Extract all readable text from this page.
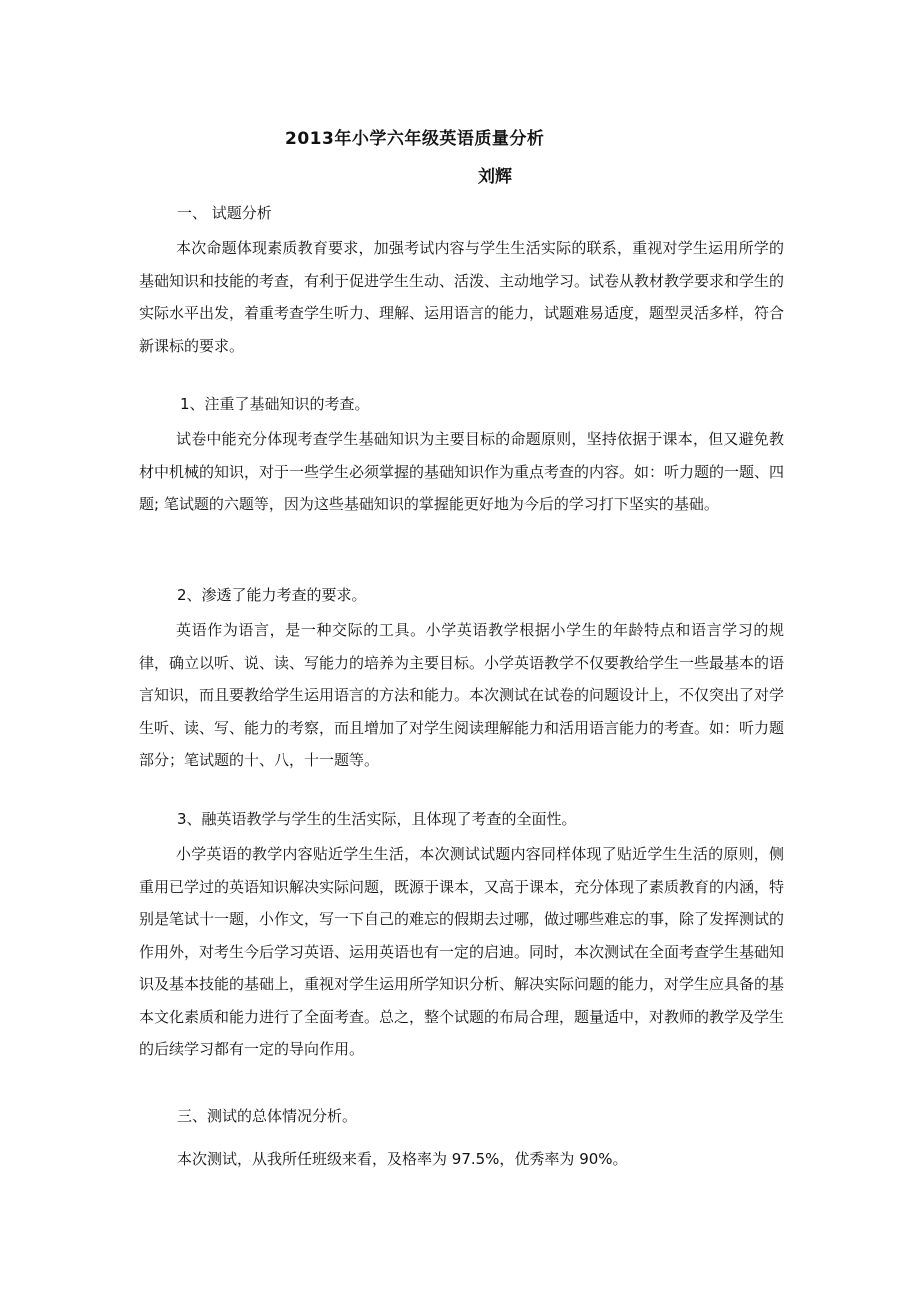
2013年小学六年级英语质量分析
刘辉
一、 试题分析
本次命题体现素质教育要求，加强考试内容与学生生活实际的联系，重视对学生运用所学的基础知识和技能的考查，有利于促进学生生动、活泼、主动地学习。试卷从教材教学要求和学生的实际水平出发，着重考查学生听力、理解、运用语言的能力，试题难易适度，题型灵活多样，符合新课标的要求。
1、注重了基础知识的考查。
试卷中能充分体现考查学生基础知识为主要目标的命题原则，坚持依据于课本，但又避免教材中机械的知识，对于一些学生必须掌握的基础知识作为重点考查的内容。如：听力题的一题、四题; 笔试题的六题等，因为这些基础知识的掌握能更好地为今后的学习打下坚实的基础。
2、渗透了能力考查的要求。
英语作为语言，是一种交际的工具。小学英语教学根据小学生的年龄特点和语言学习的规律，确立以听、说、读、写能力的培养为主要目标。小学英语教学不仅要教给学生一些最基本的语言知识，而且要教给学生运用语言的方法和能力。本次测试在试卷的问题设计上，不仅突出了对学生听、读、写、能力的考察，而且增加了对学生阅读理解能力和活用语言能力的考查。如：听力题部分；笔试题的十、八，十一题等。
3、融英语教学与学生的生活实际，且体现了考查的全面性。
小学英语的教学内容贴近学生生活，本次测试试题内容同样体现了贴近学生生活的原则，侧重用已学过的英语知识解决实际问题，既源于课本，又高于课本，充分体现了素质教育的内涵，特别是笔试十一题，小作文，写一下自己的难忘的假期去过哪，做过哪些难忘的事，除了发挥测试的作用外，对考生今后学习英语、运用英语也有一定的启迪。同时，本次测试在全面考查学生基础知识及基本技能的基础上，重视对学生运用所学知识分析、解决实际问题的能力，对学生应具备的基本文化素质和能力进行了全面考查。总之，整个试题的布局合理，题量适中，对教师的教学及学生的后续学习都有一定的导向作用。
三、测试的总体情况分析。
本次测试，从我所任班级来看，及格率为 97.5%，优秀率为 90%。
